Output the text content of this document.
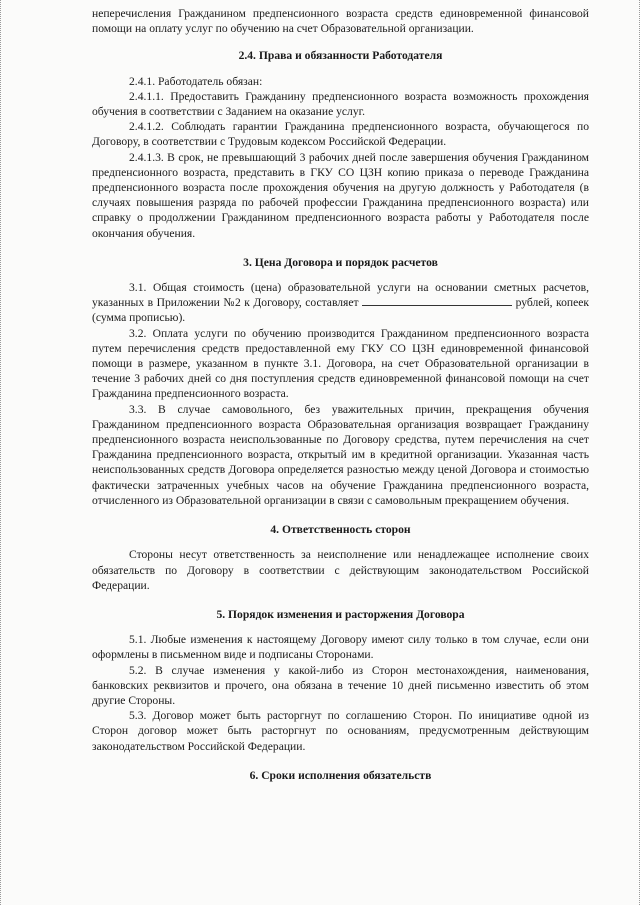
неперечисления Гражданином предпенсионного возраста средств единовременной финансовой помощи на оплату услуг по обучению на счет Образовательной организации.

2.4. Права и обязанности Работодателя

2.4.1. Работодатель обязан:

2.4.1.1. Предоставить Гражданину предпенсионного возраста возможность прохождения обучения в соответствии с Заданием на оказание услуг.

2.4.1.2. Соблюдать гарантии Гражданина предпенсионного возраста, обучающегося по Договору, в соответствии с Трудовым кодексом Российской Федерации.

2.4.1.3. В срок, не превышающий 3 рабочих дней после завершения обучения Гражданином предпенсионного возраста, представить в ГКУ СО ЦЗН копию приказа о переводе Гражданина предпенсионного возраста после прохождения обучения на другую должность у Работодателя (в случаях повышения разряда по рабочей профессии Гражданина предпенсионного возраста) или справку о продолжении Гражданином предпенсионного возраста работы у Работодателя после окончания обучения.

3. Цена Договора и порядок расчетов

3.1. Общая стоимость (цена) образовательной услуги на основании сметных расчетов, указанных в Приложении №2 к Договору, составляет	рублей, копеек (сумма прописью).

3.2. Оплата услуги по обучению производится Гражданином предпенсионного возраста путем перечисления средств предоставленной ему ГКУ СО ЦЗН единовременной финансовой помощи в размере, указанном в пункте 3.1. Договора, на счет Образовательной организации в течение 3 рабочих дней со дня поступления средств единовременной финансовой помощи на счет Гражданина предпенсионного возраста.

3.3. В случае самовольного, без уважительных причин, прекращения обучения Гражданином предпенсионного возраста Образовательная организация возвращает Гражданину предпенсионного возраста неиспользованные по Договору средства, путем перечисления на счет Гражданина предпенсионного возраста, открытый им в кредитной организации. Указанная часть неиспользованных средств Договора определяется разностью между ценой Договора и стоимостью фактически затраченных учебных часов на обучение Гражданина предпенсионного возраста, отчисленного из Образовательной организации в связи с самовольным прекращением обучения.

4. Ответственность сторон

Стороны несут ответственность за неисполнение или ненадлежащее исполнение своих обязательств по Договору в соответствии с действующим законодательством Российской Федерации.

5. Порядок изменения и расторжения Договора

5.1. Любые изменения к настоящему Договору имеют силу только в том случае, если они оформлены в письменном виде и подписаны Сторонами.

5.2. В случае изменения у какой-либо из Сторон местонахождения, наименования, банковских реквизитов и прочего, она обязана в течение 10 дней письменно известить об этом другие Стороны.

5.3. Договор может быть расторгнут по соглашению Сторон. По инициативе одной из Сторон договор может быть расторгнут по основаниям, предусмотренным действующим законодательством Российской Федерации.

6. Сроки исполнения обязательств
